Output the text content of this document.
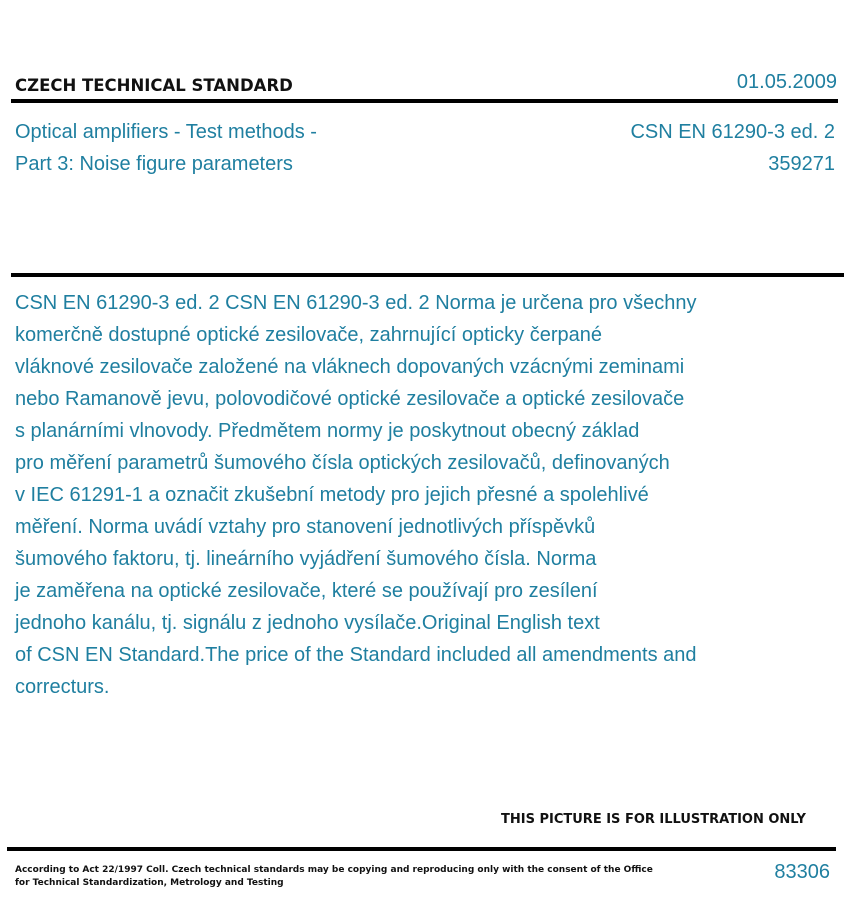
CZECH TECHNICAL STANDARD	01.05.2009
Optical amplifiers - Test methods -
Part 3: Noise figure parameters
CSN EN 61290-3 ed. 2
359271
CSN EN 61290-3 ed. 2 CSN EN 61290-3 ed. 2 Norma je určena pro všechny
komerčně dostupné optické zesilovače, zahrnující opticky čerpané
vláknové zesilovače založené na vláknech dopovaných vzácnými zeminami
nebo Ramanově jevu, polovodičové optické zesilovače a optické zesilovače
s planárními vlnovody. Předmětem normy je poskytnout obecný základ
pro měření parametrů šumového čísla optických zesilovačů, definovaných
v IEC 61291-1 a označit zkušební metody pro jejich přesné a spolehlivé
měření. Norma uvádí vztahy pro stanovení jednotlivých příspěvků
šumového faktoru, tj. lineárního vyjádření šumového čísla. Norma
je zaměřena na optické zesilovače, které se používají pro zesílení
jednoho kanálu, tj. signálu z jednoho vysílače.Original English text
of CSN EN Standard.The price of the Standard included all amendments and
correcturs.
THIS PICTURE IS FOR ILLUSTRATION ONLY
According to Act 22/1997 Coll. Czech technical standards may be copying and reproducing only with the consent of the Office
for Technical Standardization, Metrology and Testing	83306
